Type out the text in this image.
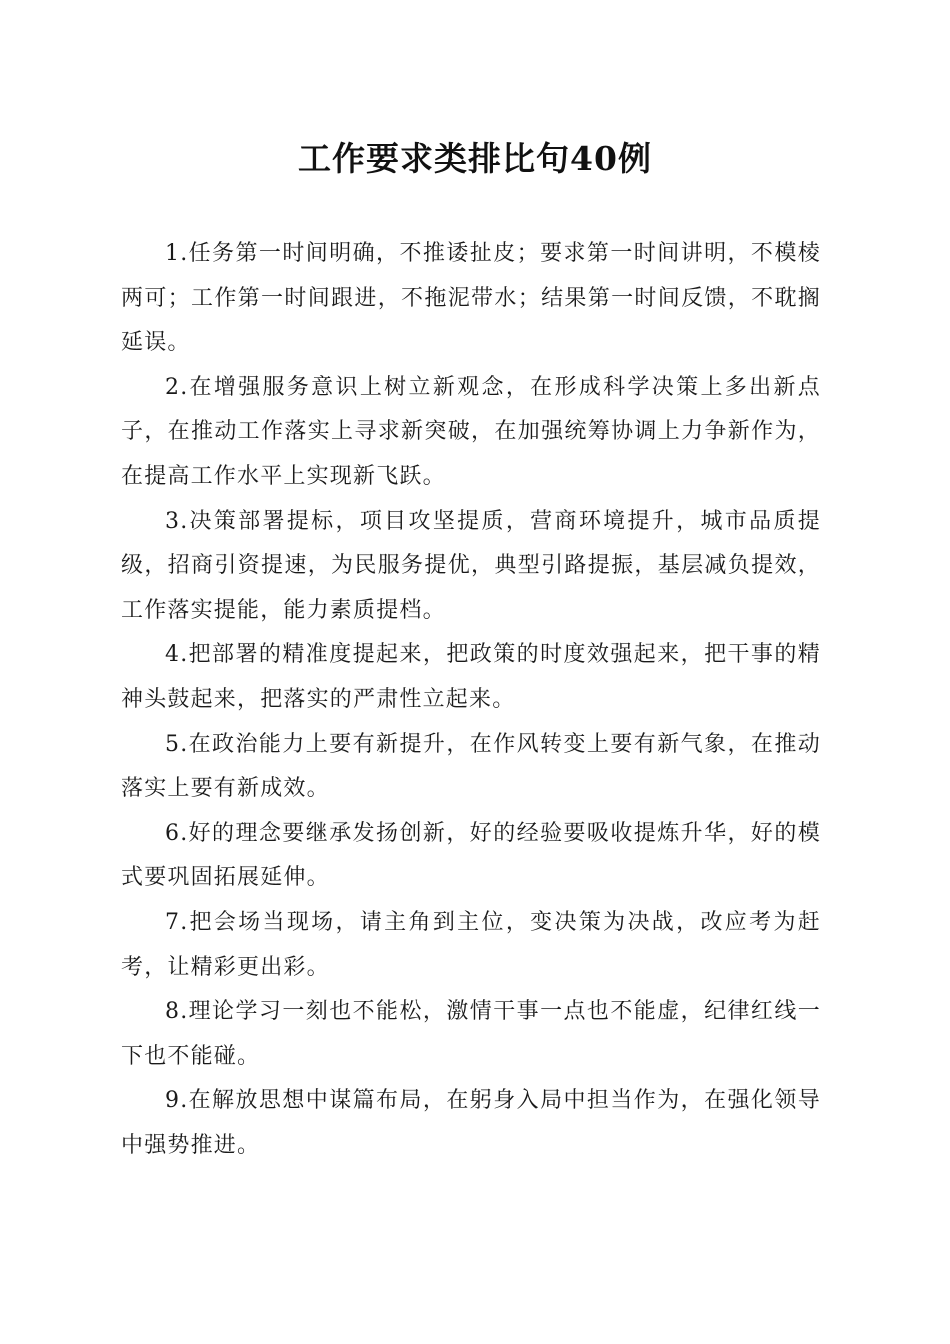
工作要求类排比句40例

1.任务第一时间明确，不推诿扯皮；要求第一时间讲明，不模棱两可；工作第一时间跟进，不拖泥带水；结果第一时间反馈，不耽搁延误。

2.在增强服务意识上树立新观念，在形成科学决策上多出新点子，在推动工作落实上寻求新突破，在加强统筹协调上力争新作为，在提高工作水平上实现新飞跃。

3.决策部署提标，项目攻坚提质，营商环境提升，城市品质提级，招商引资提速，为民服务提优，典型引路提振，基层减负提效，工作落实提能，能力素质提档。

4.把部署的精准度提起来，把政策的时度效强起来，把干事的精神头鼓起来，把落实的严肃性立起来。

5.在政治能力上要有新提升，在作风转变上要有新气象，在推动落实上要有新成效。

6.好的理念要继承发扬创新，好的经验要吸收提炼升华，好的模式要巩固拓展延伸。

7.把会场当现场，请主角到主位，变决策为决战，改应考为赶考，让精彩更出彩。

8.理论学习一刻也不能松，激情干事一点也不能虚，纪律红线一下也不能碰。

9.在解放思想中谋篇布局，在躬身入局中担当作为，在强化领导中强势推进。
